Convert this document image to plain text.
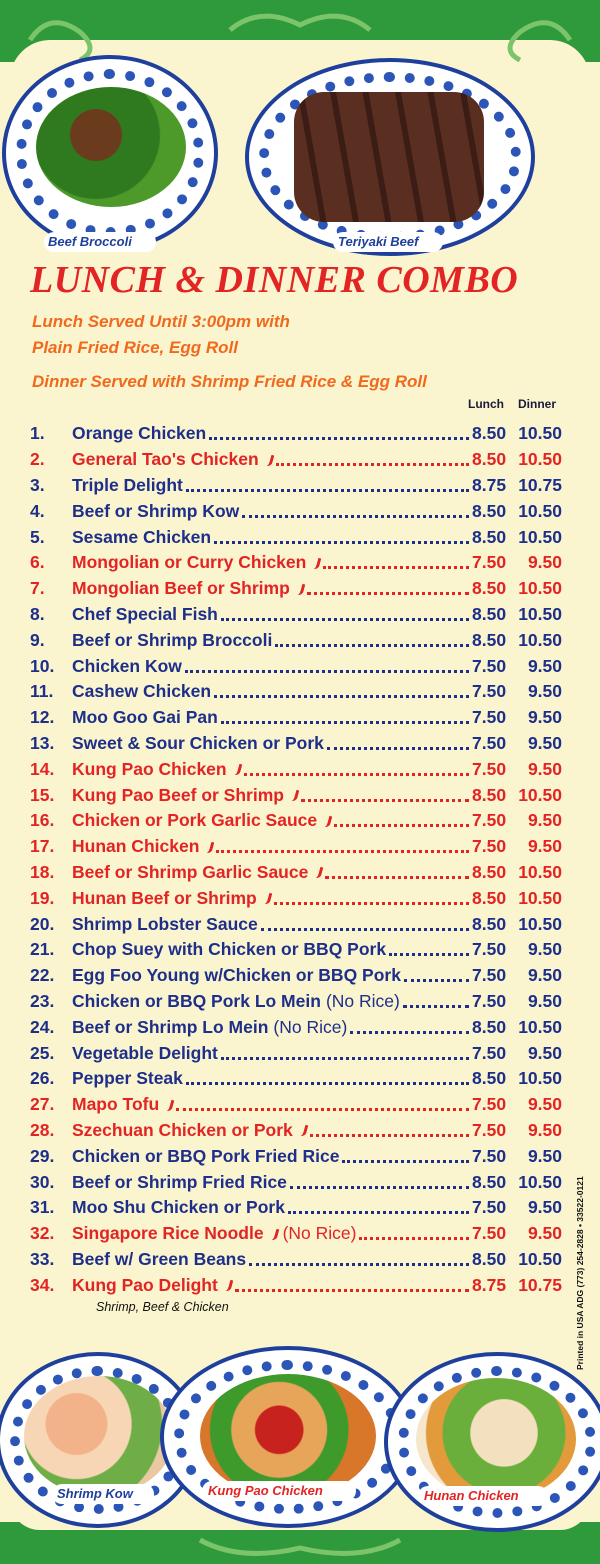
Beef Broccoli	Teriyaki Beef
LUNCH & DINNER COMBO

Lunch Served Until 3:00pm with

Plain Fried Rice, Egg Roll

Dinner Served with Shrimp Fried Rice & Egg Roll

Lunch Dinner
1.	Orange Chicken	8.50 10.50
2.	General Tao's Chicken	8.50 10.50
3.	Triple Delight	8.75 10.75
4.	Beef or Shrimp Kow	8.50 10.50
5.	Sesame Chicken	8.50 10.50
6.	Mongolian or Curry Chicken	7.50	9.50
7.	Mongolian Beef or Shrimp	8.50 10.50
8.	Chef Special Fish	8.50 10.50
9.	Beef or Shrimp Broccoli	8.50 10.50
10.	Chicken Kow	7.50	9.50
11.	Cashew Chicken	7.50	9.50
12.	Moo Goo Gai Pan	7.50	9.50
13.	Sweet & Sour Chicken or Pork	7.50	9.50
14.	Kung Pao Chicken	7.50	9.50
15.	Kung Pao Beef or Shrimp	8.50 10.50
16.	Chicken or Pork Garlic Sauce	7.50	9.50
17.	Hunan Chicken	7.50	9.50
18.	Beef or Shrimp Garlic Sauce	8.50 10.50
19.	Hunan Beef or Shrimp	8.50 10.50
20.	Shrimp Lobster Sauce	8.50 10.50
21.	Chop Suey with Chicken or BBQ Pork	7.50	9.50
22.	Egg Foo Young w/Chicken or BBQ Pork	7.50	9.50
23.	Chicken or BBQ Pork Lo Mein (No Rice)	7.50	9.50
24.	Beef or Shrimp Lo Mein (No Rice)	8.50 10.50
25.	Vegetable Delight	7.50	9.50
26.	Pepper Steak	8.50 10.50
27.	Mapo Tofu	7.50	9.50
28.	Szechuan Chicken or Pork	7.50	9.50
29.	Chicken or BBQ Pork Fried Rice	7.50	9.50
30.	Beef or Shrimp Fried Rice	8.50 10.50
31.	Moo Shu Chicken or Pork	7.50	9.50
32.	Singapore Rice Noodle (No Rice)	7.50	9.50
33.	Beef w/ Green Beans	8.50 10.50
34.	Kung Pao Delight	8.75 10.75
Shrimp, Beef & Chicken	Printed in USA ADG (773) 254-2828 • 33522-0121
Shrimp Kow	Kung Pao Chicken	Hunan Chicken
